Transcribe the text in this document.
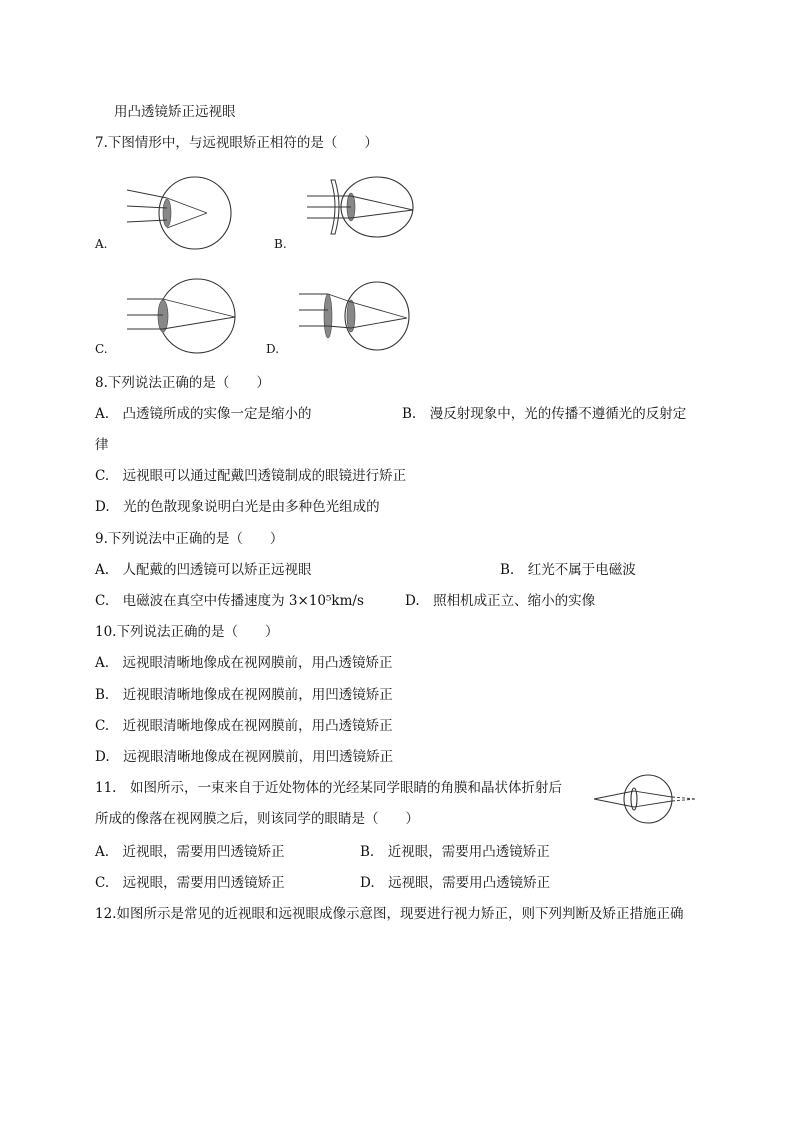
用凸透镜矫正远视眼
7.下图情形中，与远视眼矫正相符的是（　　）
A.	B.
C.	D.
8.下列说法正确的是（　　）
A.　凸透镜所成的实像一定是缩小的	B.　漫反射现象中，光的传播不遵循光的反射定
律
C.　远视眼可以通过配戴凹透镜制成的眼镜进行矫正
D.　光的色散现象说明白光是由多种色光组成的
9.下列说法中正确的是（　　）
A.　人配戴的凹透镜可以矫正远视眼	B.　红光不属于电磁波
C.　电磁波在真空中传播速度为 3×10⁵km/s	D.　照相机成正立、缩小的实像
10.下列说法正确的是（　　）
A.　远视眼清晰地像成在视网膜前，用凸透镜矫正
B.　近视眼清晰地像成在视网膜前，用凹透镜矫正
C.　近视眼清晰地像成在视网膜前，用凸透镜矫正
D.　远视眼清晰地像成在视网膜前，用凹透镜矫正
11.　如图所示，一束来自于近处物体的光经某同学眼睛的角膜和晶状体折射后
所成的像落在视网膜之后，则该同学的眼睛是（　　）
A.　近视眼，需要用凹透镜矫正	B.　近视眼，需要用凸透镜矫正
C.　远视眼，需要用凹透镜矫正	D.　远视眼，需要用凸透镜矫正
12.如图所示是常见的近视眼和远视眼成像示意图，现要进行视力矫正，则下列判断及矫正措施正确
